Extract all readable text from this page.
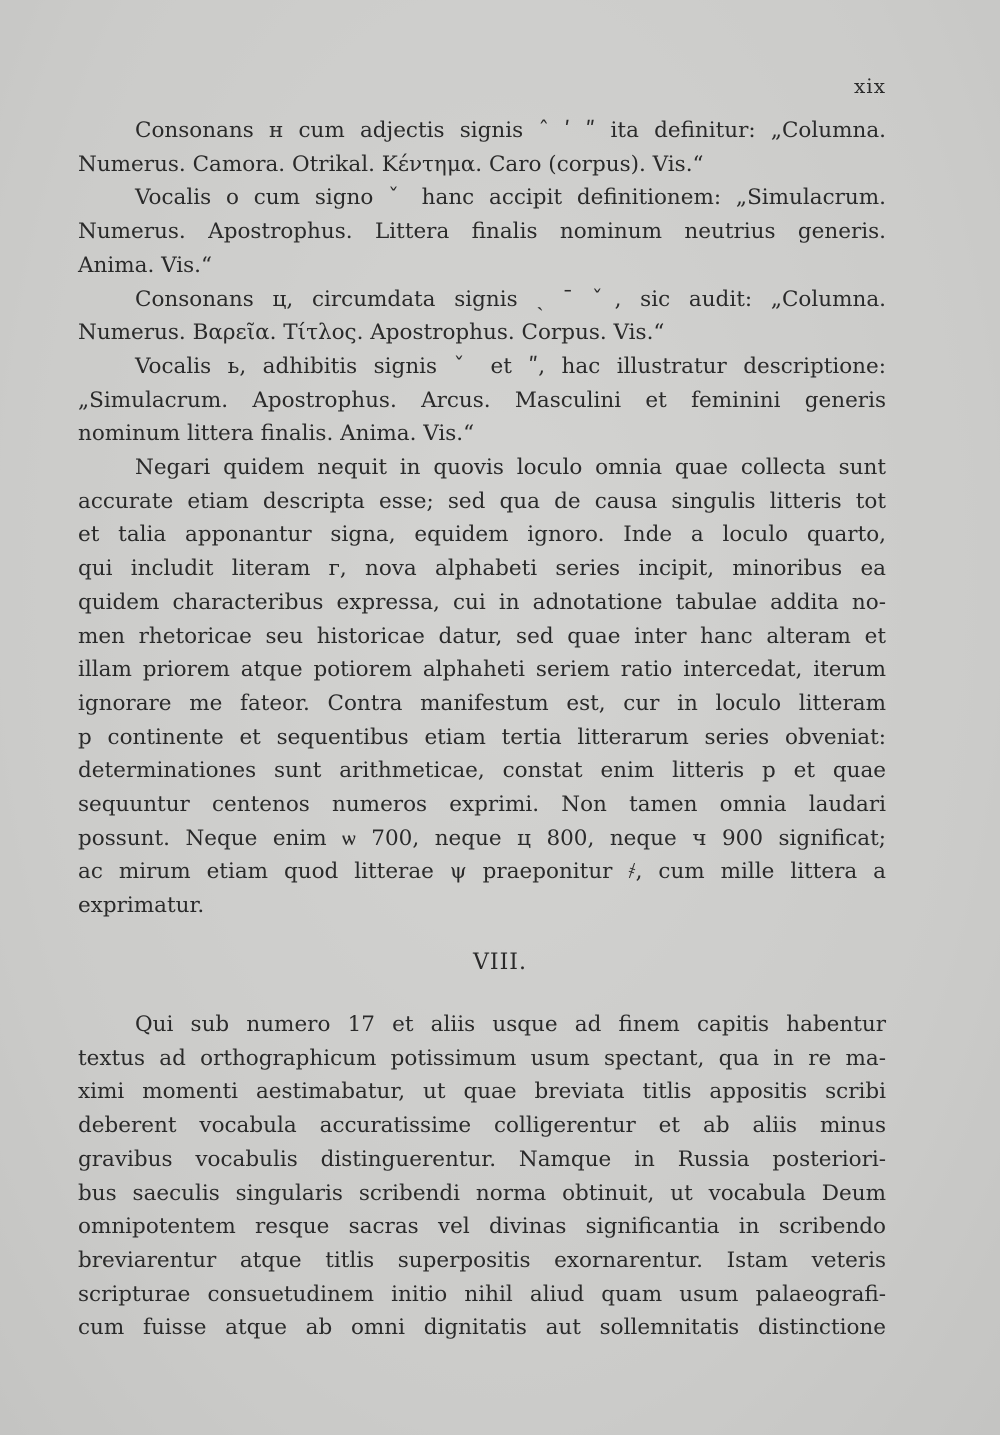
xix
Consonans н cum adjectis signis ˆ ʹ ʺ ita definitur: „Columna.
Numerus. Camora. Otrikal. Κέντημα. Caro (corpus). Vis.“
Vocalis о cum signo ˇ hanc accipit definitionem: „Simulacrum.
Numerus. Apostrophus. Littera finalis nominum neutrius generis.
Anima. Vis.“
Consonans ц, circumdata signis ˎ ˉ ˇ, sic audit: „Columna.
Numerus. Βαρεῖα. Τίτλος. Apostrophus. Corpus. Vis.“
Vocalis ь, adhibitis signis ˇ et ʺ, hac illustratur descriptione:
„Simulacrum. Apostrophus. Arcus. Masculini et feminini generis
nominum littera finalis. Anima. Vis.“
Negari quidem nequit in quovis loculo omnia quae collecta sunt
accurate etiam descripta esse; sed qua de causa singulis litteris tot
et talia apponantur signa, equidem ignoro. Inde a loculo quarto,
qui includit literam г, nova alphabeti series incipit, minoribus ea
quidem characteribus expressa, cui in adnotatione tabulae addita no-
men rhetoricae seu historicae datur, sed quae inter hanc alteram et
illam priorem atque potiorem alphaheti seriem ratio intercedat, iterum
ignorare me fateor. Contra manifestum est, cur in loculo litteram
р continente et sequentibus etiam tertia litterarum series obveniat:
determinationes sunt arithmeticae, constat enim litteris р et quae
sequuntur centenos numeros exprimi. Non tamen omnia laudari
possunt. Neque enim ѡ 700, neque ц 800, neque ч 900 significat;
ac mirum etiam quod litterae ψ praeponitur ҂, cum mille littera а
exprimatur.
VIII.
Qui sub numero 17 et aliis usque ad finem capitis habentur
textus ad orthographicum potissimum usum spectant, qua in re ma-
ximi momenti aestimabatur, ut quae breviata titlis appositis scribi
deberent vocabula accuratissime colligerentur et ab aliis minus
gravibus vocabulis distinguerentur. Namque in Russia posteriori-
bus saeculis singularis scribendi norma obtinuit, ut vocabula Deum
omnipotentem resque sacras vel divinas significantia in scribendo
breviarentur atque titlis superpositis exornarentur. Istam veteris
scripturae consuetudinem initio nihil aliud quam usum palaeografi-
cum fuisse atque ab omni dignitatis aut sollemnitatis distinctione
